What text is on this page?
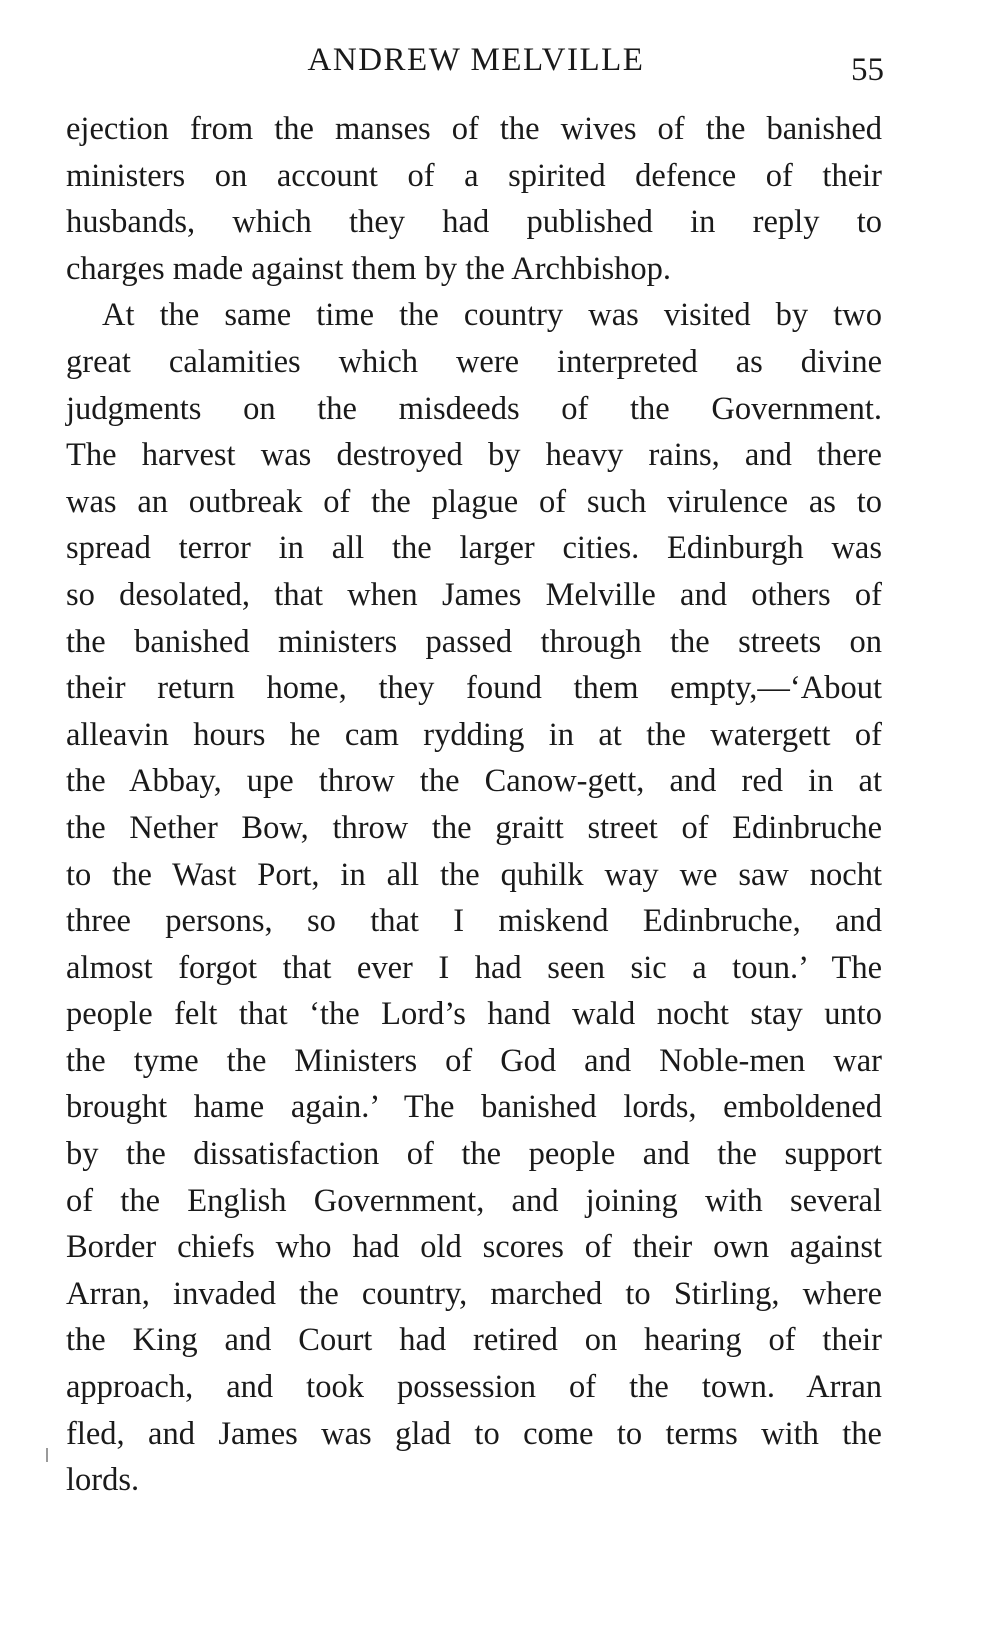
ANDREW MELVILLE	55
ejection from the manses of the wives of the banished
ministers on account of a spirited defence of their
husbands, which they had published in reply to
charges made against them by the Archbishop.
At the same time the country was visited by two
great calamities which were interpreted as divine
judgments on the misdeeds of the Government.
The harvest was destroyed by heavy rains, and there
was an outbreak of the plague of such virulence as to
spread terror in all the larger cities. Edinburgh was
so desolated, that when James Melville and others of
the banished ministers passed through the streets on
their return home, they found them empty,—‘About
alleavin hours he cam rydding in at the watergett of
the Abbay, upe throw the Canow-gett, and red in at
the Nether Bow, throw the graitt street of Edinbruche
to the Wast Port, in all the quhilk way we saw nocht
three persons, so that I miskend Edinbruche, and
almost forgot that ever I had seen sic a toun.’ The
people felt that ‘the Lord’s hand wald nocht stay unto
the tyme the Ministers of God and Noble-men war
brought hame again.’ The banished lords, emboldened
by the dissatisfaction of the people and the support
of the English Government, and joining with several
Border chiefs who had old scores of their own against
Arran, invaded the country, marched to Stirling, where
the King and Court had retired on hearing of their
approach, and took possession of the town. Arran
fled, and James was glad to come to terms with the
lords.
